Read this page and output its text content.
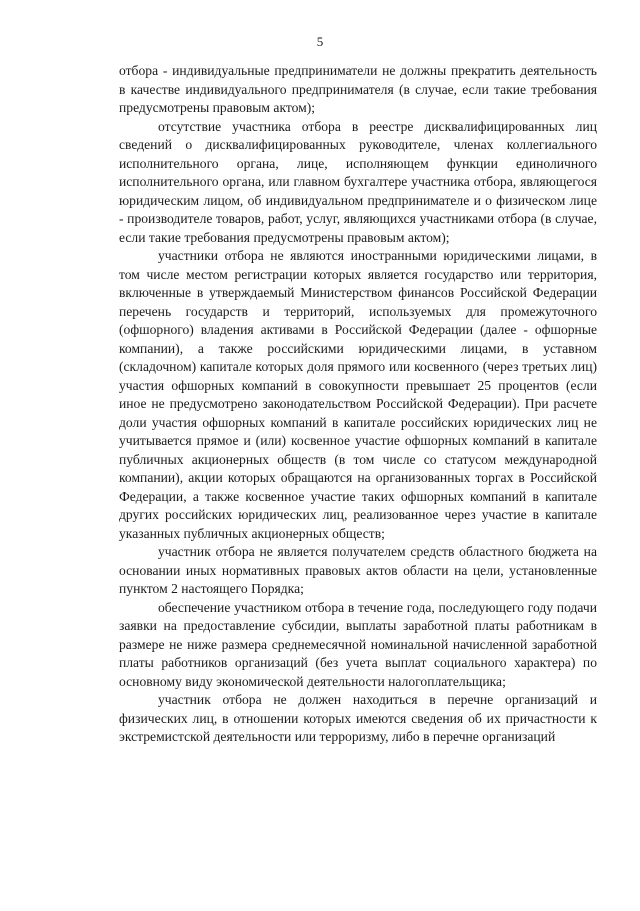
5

отбора - индивидуальные предприниматели не должны прекратить деятельность в качестве индивидуального предпринимателя (в случае, если такие требования предусмотрены правовым актом);

отсутствие участника отбора в реестре дисквалифицированных лиц сведений о дисквалифицированных руководителе, членах коллегиального исполнительного органа, лице, исполняющем функции единоличного исполнительного органа, или главном бухгалтере участника отбора, являющегося юридическим лицом, об индивидуальном предпринимателе и о физическом лице - производителе товаров, работ, услуг, являющихся участниками отбора (в случае, если такие требования предусмотрены правовым актом);

участники отбора не являются иностранными юридическими лицами, в том числе местом регистрации которых является государство или территория, включенные в утверждаемый Министерством финансов Российской Федерации перечень государств и территорий, используемых для промежуточного (офшорного) владения активами в Российской Федерации (далее - офшорные компании), а также российскими юридическими лицами, в уставном (складочном) капитале которых доля прямого или косвенного (через третьих лиц) участия офшорных компаний в совокупности превышает 25 процентов (если иное не предусмотрено законодательством Российской Федерации). При расчете доли участия офшорных компаний в капитале российских юридических лиц не учитывается прямое и (или) косвенное участие офшорных компаний в капитале публичных акционерных обществ (в том числе со статусом международной компании), акции которых обращаются на организованных торгах в Российской Федерации, а также косвенное участие таких офшорных компаний в капитале других российских юридических лиц, реализованное через участие в капитале указанных публичных акционерных обществ;

участник отбора не является получателем средств областного бюджета на основании иных нормативных правовых актов области на цели, установленные пунктом 2 настоящего Порядка;

обеспечение участником отбора в течение года, последующего году подачи заявки на предоставление субсидии, выплаты заработной платы работникам в размере не ниже размера среднемесячной номинальной начисленной заработной платы работников организаций (без учета выплат социального характера) по основному виду экономической деятельности налогоплательщика;

участник отбора не должен находиться в перечне организаций и физических лиц, в отношении которых имеются сведения об их причастности к экстремистской деятельности или терроризму, либо в перечне организаций
